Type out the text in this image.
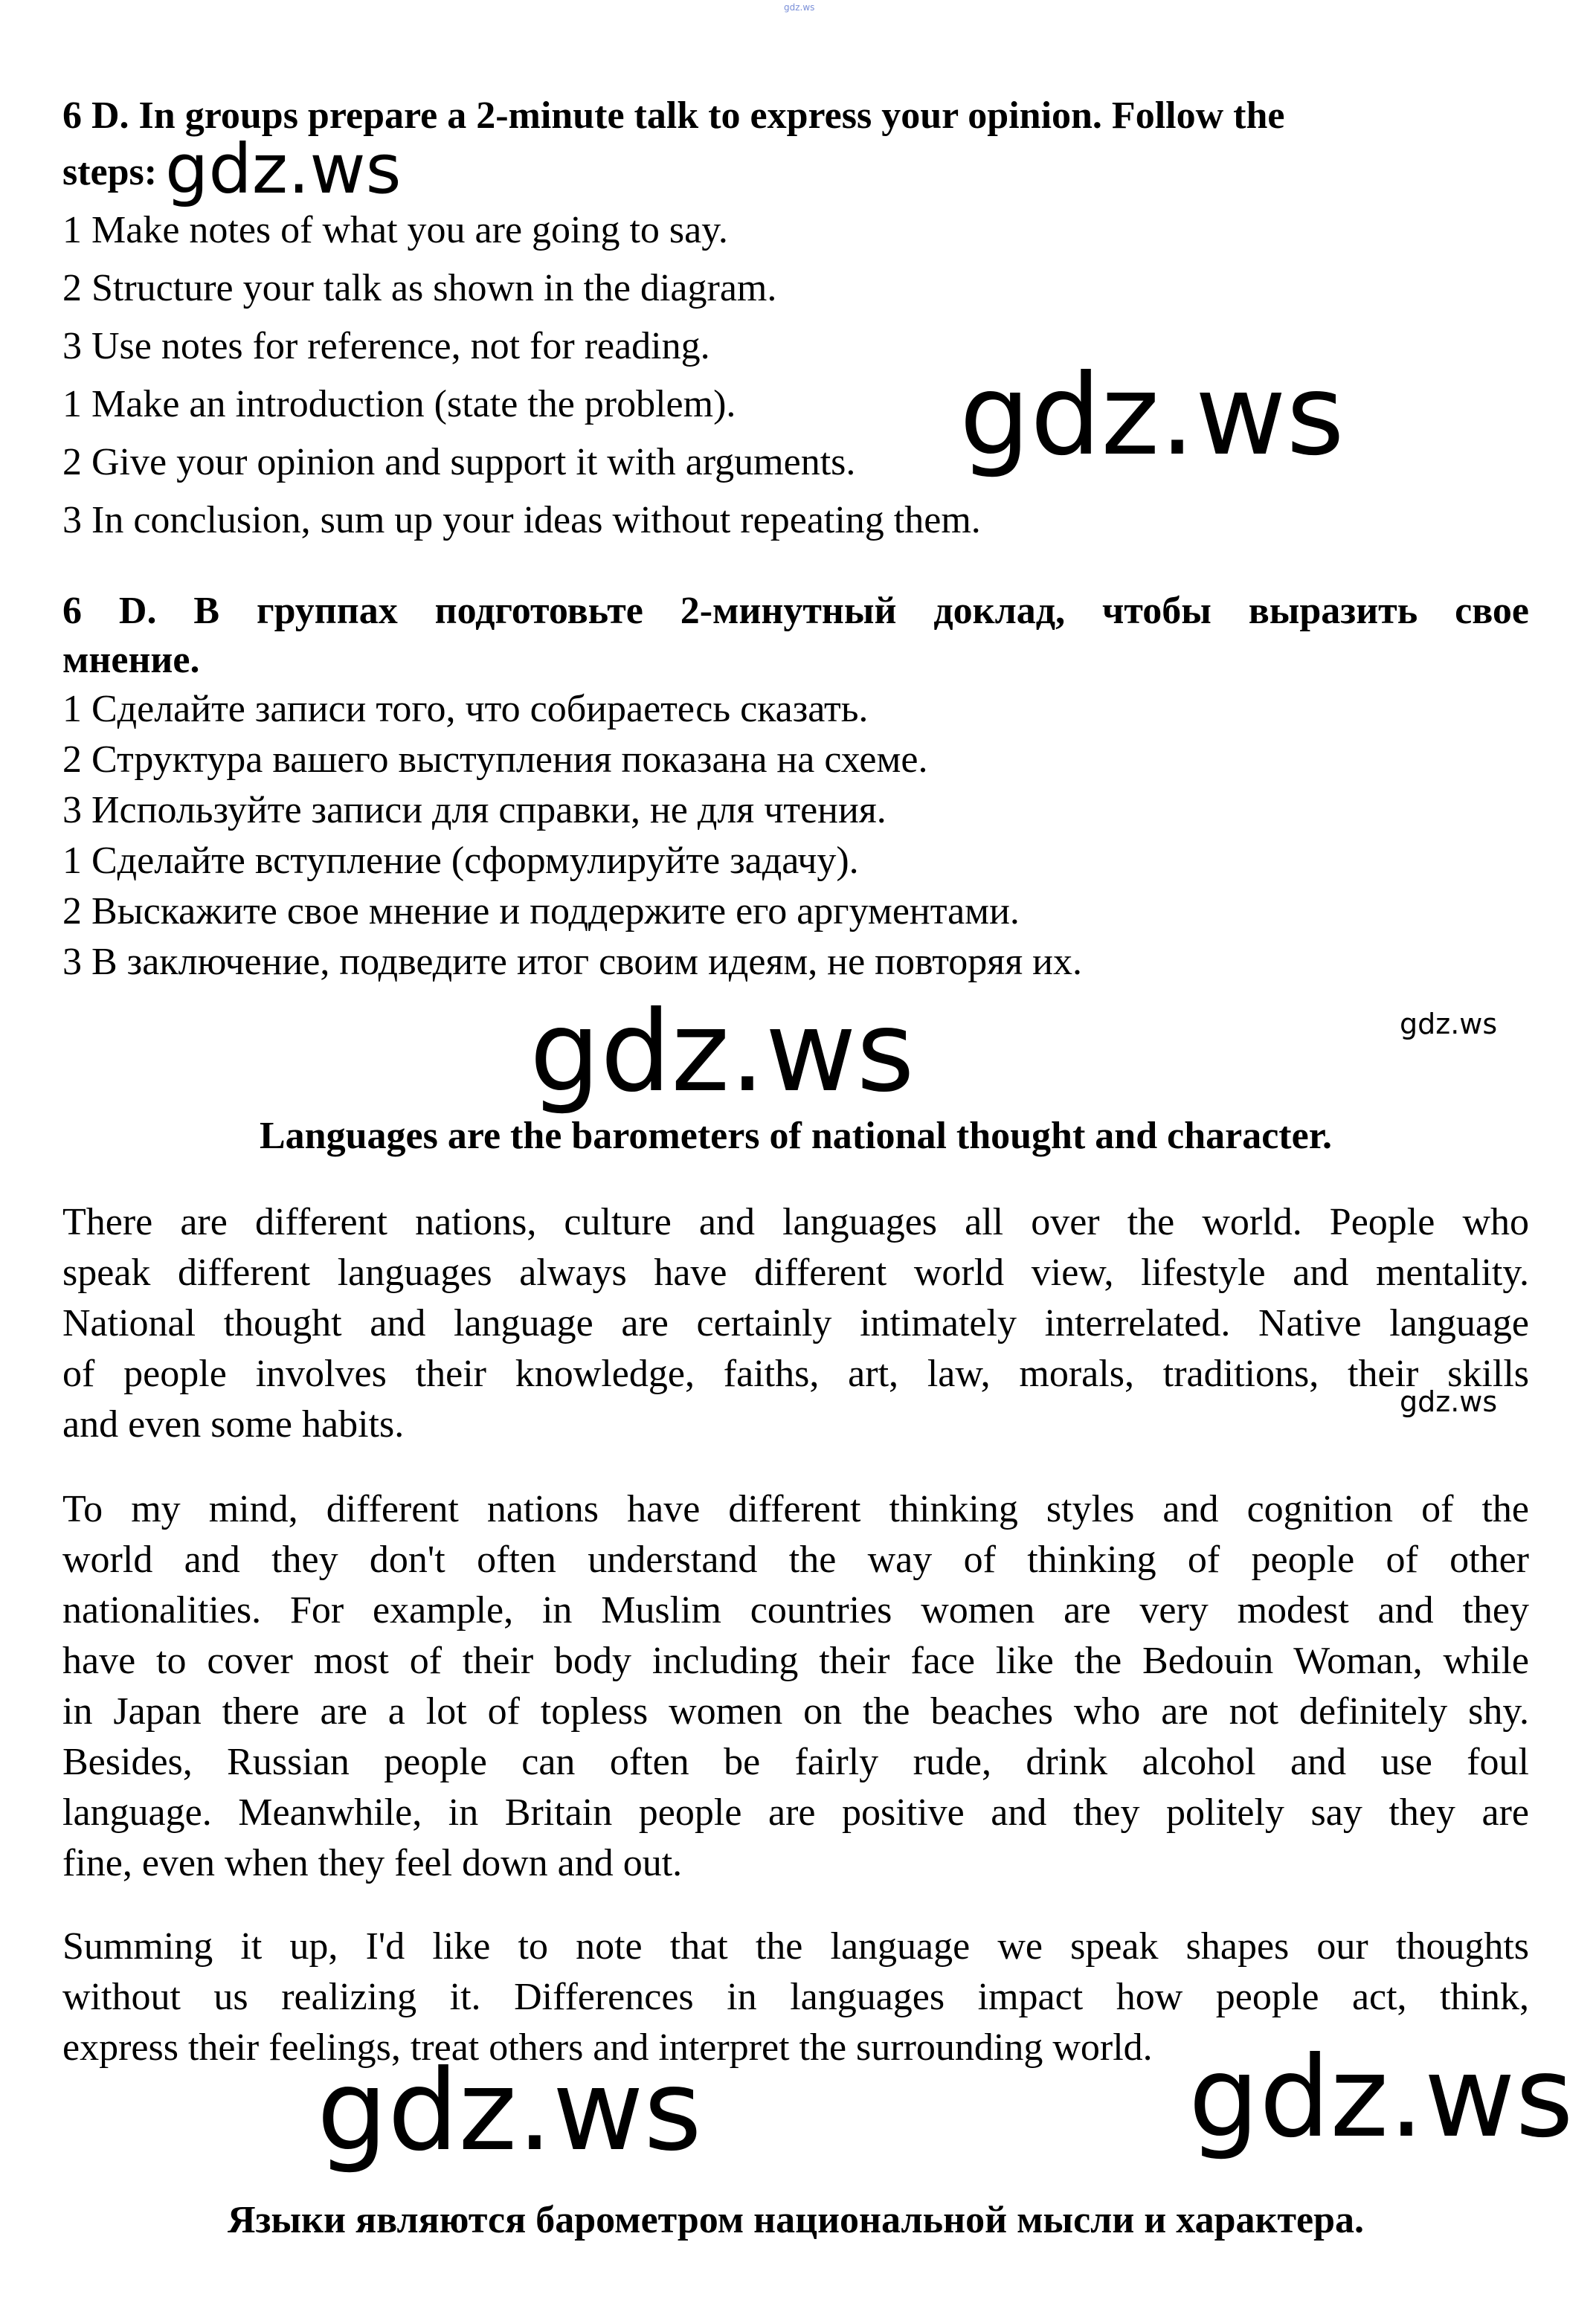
gdz.ws
6 D. In groups prepare a 2-minute talk to express your opinion. Follow the
steps: gdz.ws
1 Make notes of what you are going to say.
2 Structure your talk as shown in the diagram.
3 Use notes for reference, not for reading.
1 Make an introduction (state the problem).
2 Give your opinion and support it with arguments.
3 In conclusion, sum up your ideas without repeating them.
gdz.ws
6 D. В группах подготовьте 2-минутный доклад, чтобы выразить свое
мнение.
1 Сделайте записи того, что собираетесь сказать.
2 Структура вашего выступления показана на схеме.
3 Используйте записи для справки, не для чтения.
1 Сделайте вступление (сформулируйте задачу).
2 Выскажите свое мнение и поддержите его аргументами.
3 В заключение, подведите итог своим идеям, не повторяя их.
gdz.ws	gdz.ws
Languages are the barometers of national thought and character.
There are different nations, culture and languages all over the world. People who
speak different languages always have different world view, lifestyle and mentality.
National thought and language are certainly intimately interrelated. Native language
of people involves their knowledge, faiths, art, law, morals, traditions, their skills
and even some habits.
gdz.ws
To my mind, different nations have different thinking styles and cognition of the
world and they don't often understand the way of thinking of people of other
nationalities. For example, in Muslim countries women are very modest and they
have to cover most of their body including their face like the Bedouin Woman, while
in Japan there are a lot of topless women on the beaches who are not definitely shy.
Besides, Russian people can often be fairly rude, drink alcohol and use foul
language. Meanwhile, in Britain people are positive and they politely say they are
fine, even when they feel down and out.
Summing it up, I'd like to note that the language we speak shapes our thoughts
without us realizing it. Differences in languages impact how people act, think,
express their feelings, treat others and interpret the surrounding world.
gdz.ws	gdz.ws
Языки являются барометром национальной мысли и характера.
